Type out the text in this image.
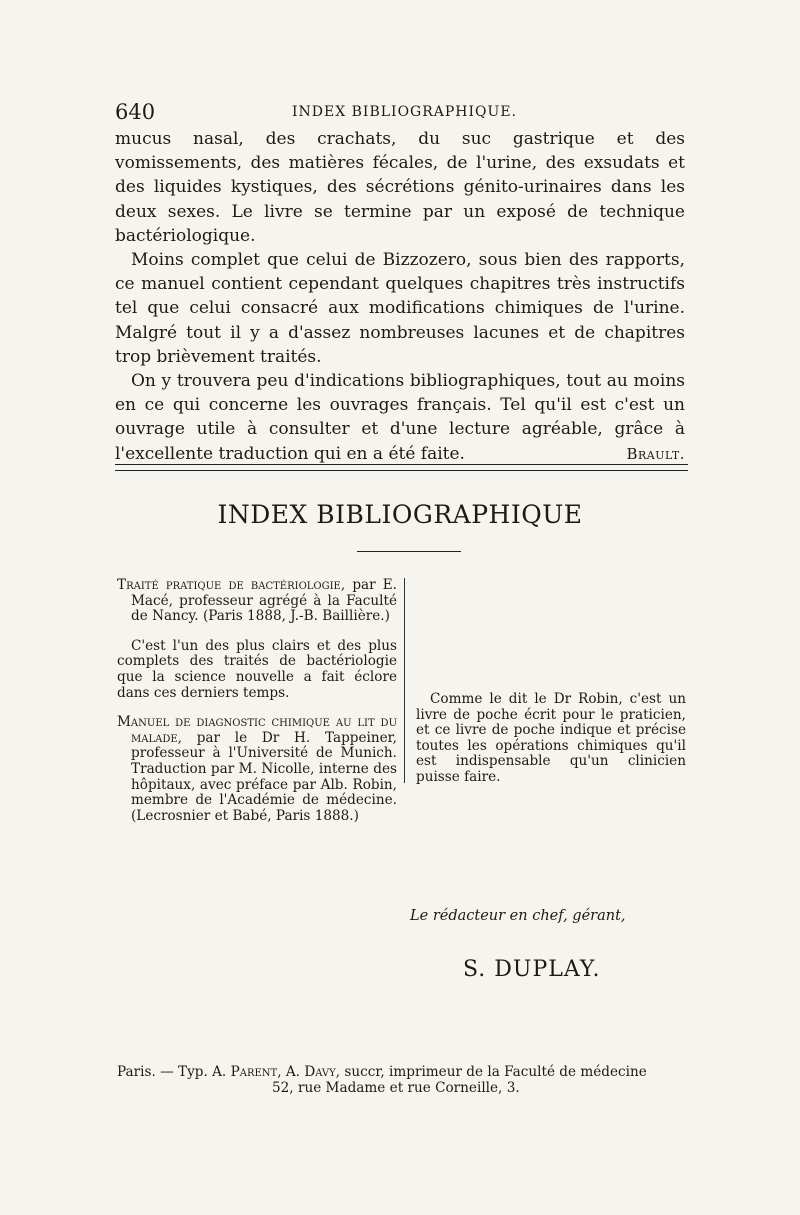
640	INDEX BIBLIOGRAPHIQUE.

mucus nasal, des crachats, du suc gastrique et des vomissements, des matières fécales, de l'urine, des exsudats et des liquides kystiques, des sécrétions génito-urinaires dans les deux sexes. Le livre se termine par un exposé de technique bactériologique.

Moins complet que celui de Bizzozero, sous bien des rapports, ce manuel contient cependant quelques chapitres très instructifs tel que celui consacré aux modifications chimiques de l'urine. Malgré tout il y a d'assez nombreuses lacunes et de chapitres trop brièvement traités.

On y trouvera peu d'indications bibliographiques, tout au moins en ce qui concerne les ouvrages français. Tel qu'il est c'est un ouvrage utile à consulter et d'une lecture agréable, grâce à l'excellente traduction qui en a été faite.	Brault.

INDEX BIBLIOGRAPHIQUE

Traité pratique de bactériologie, par E. Macé, professeur agrégé à la Faculté de Nancy. (Paris 1888, J.-B. Baillière.)

C'est l'un des plus clairs et des plus complets des traités de bactériologie que la science nouvelle a fait éclore dans ces derniers temps.

Manuel de diagnostic chimique au lit du malade, par le Dr H. Tappeiner, professeur à l'Université de Munich. Traduction par M. Nicolle, interne des hôpitaux, avec préface par Alb. Robin, membre de l'Académie de médecine. (Lecrosnier et Babé, Paris 1888.)

Comme le dit le Dr Robin, c'est un livre de poche écrit pour le praticien, et ce livre de poche indique et précise toutes les opérations chimiques qu'il est indispensable qu'un clinicien puisse faire.

Le rédacteur en chef, gérant,
S. DUPLAY.
Paris. — Typ. A. Parent, A. Davy, succr, imprimeur de la Faculté de médecine
52, rue Madame et rue Corneille, 3.
